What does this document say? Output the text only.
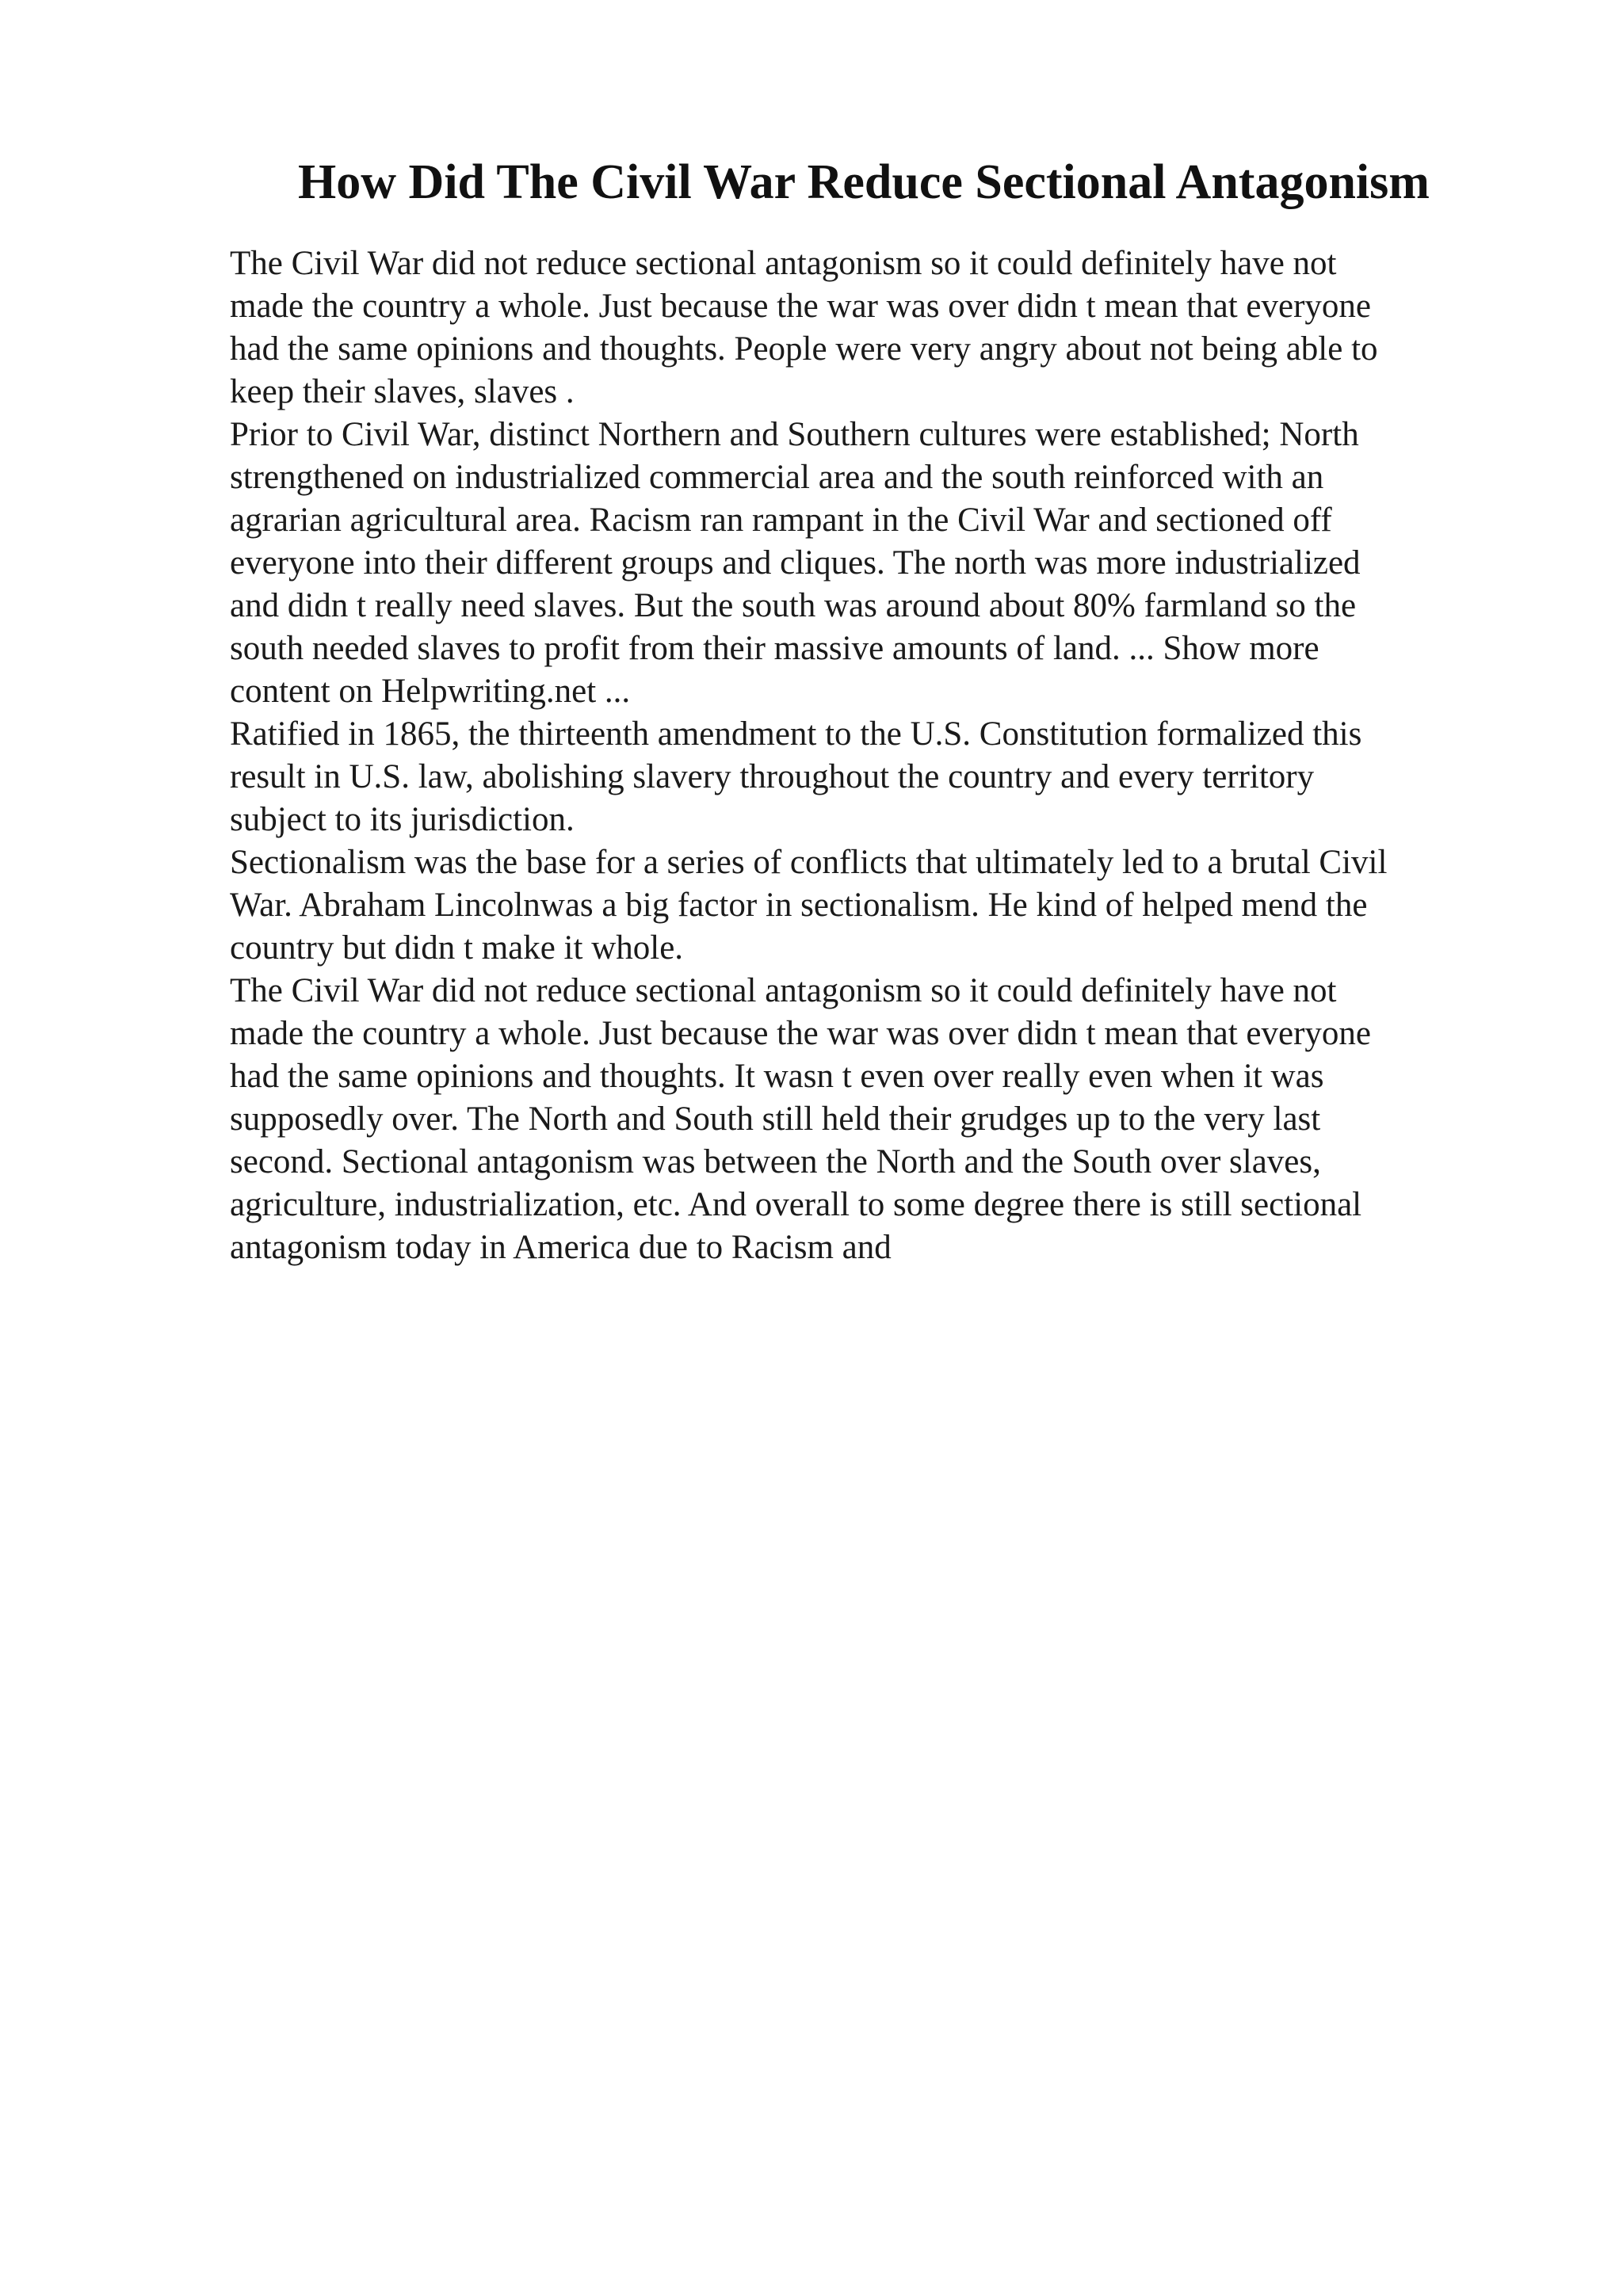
How Did The Civil War Reduce Sectional Antagonism

The Civil War did not reduce sectional antagonism so it could definitely have not
made the country a whole. Just because the war was over didn t mean that everyone
had the same opinions and thoughts. People were very angry about not being able to
keep their slaves, slaves .

Prior to Civil War, distinct Northern and Southern cultures were established; North
strengthened on industrialized commercial area and the south reinforced with an
agrarian agricultural area. Racism ran rampant in the Civil War and sectioned off
everyone into their different groups and cliques. The north was more industrialized
and didn t really need slaves. But the south was around about 80% farmland so the
south needed slaves to profit from their massive amounts of land. ... Show more
content on Helpwriting.net ...

Ratified in 1865, the thirteenth amendment to the U.S. Constitution formalized this
result in U.S. law, abolishing slavery throughout the country and every territory
subject to its jurisdiction.

Sectionalism was the base for a series of conflicts that ultimately led to a brutal Civil
War. Abraham Lincolnwas a big factor in sectionalism. He kind of helped mend the
country but didn t make it whole.

The Civil War did not reduce sectional antagonism so it could definitely have not
made the country a whole. Just because the war was over didn t mean that everyone
had the same opinions and thoughts. It wasn t even over really even when it was
supposedly over. The North and South still held their grudges up to the very last
second. Sectional antagonism was between the North and the South over slaves,
agriculture, industrialization, etc. And overall to some degree there is still sectional
antagonism today in America due to Racism and
